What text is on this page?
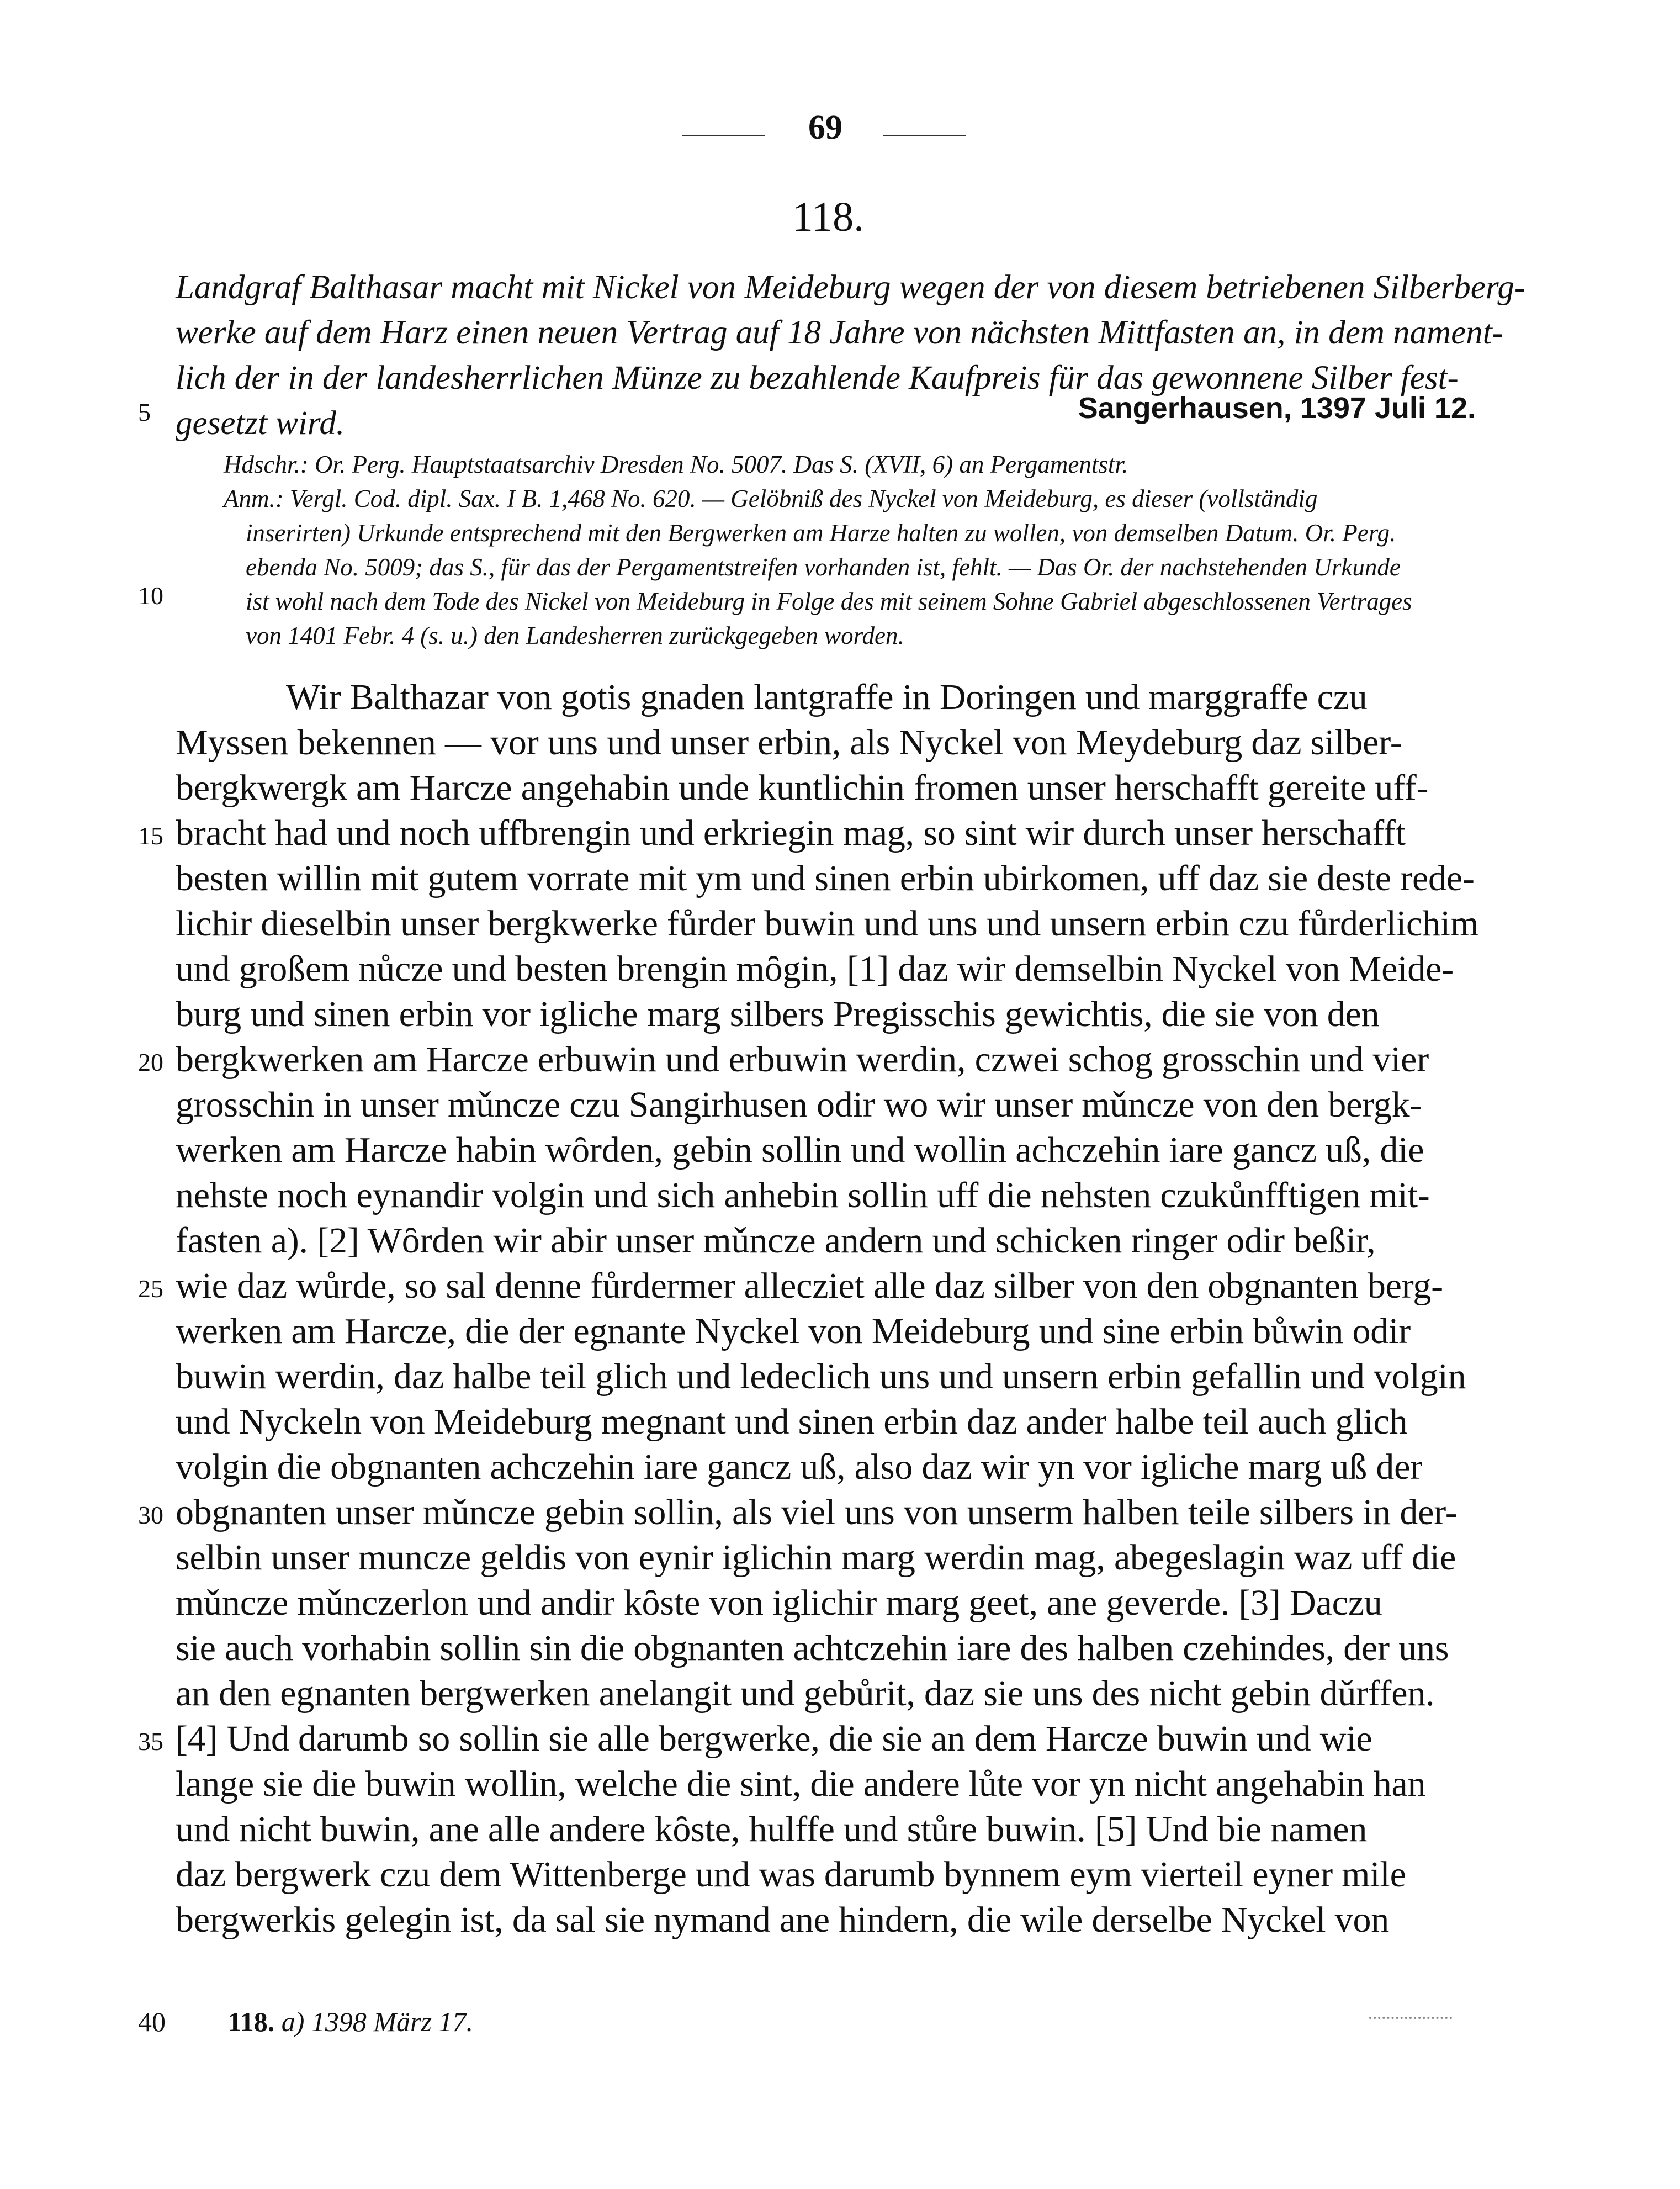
69
118.
Landgraf Balthasar macht mit Nickel von Meideburg wegen der von diesem betriebenen Silberberg-
werke auf dem Harz einen neuen Vertrag auf 18 Jahre von nächsten Mittfasten an, in dem nament-
lich der in der landesherrlichen Münze zu bezahlende Kaufpreis für das gewonnene Silber fest-
gesetzt wird.	Sangerhausen, 1397 Juli 12.
Hdschr.: Or. Perg. Hauptstaatsarchiv Dresden No. 5007. Das S. (XVII, 6) an Pergamentstr.
Anm.: Vergl. Cod. dipl. Sax. I B. 1,468 No. 620. — Gelöbniß des Nyckel von Meideburg, es dieser (vollständig
inserirten) Urkunde entsprechend mit den Bergwerken am Harze halten zu wollen, von demselben Datum. Or. Perg.
ebenda No. 5009; das S., für das der Pergamentstreifen vorhanden ist, fehlt. — Das Or. der nachstehenden Urkunde
ist wohl nach dem Tode des Nickel von Meideburg in Folge des mit seinem Sohne Gabriel abgeschlossenen Vertrages
von 1401 Febr. 4 (s. u.) den Landesherren zurückgegeben worden.
Wir Balthazar von gotis gnaden lantgraffe in Doringen und marggraffe czu
Myssen bekennen — vor uns und unser erbin, als Nyckel von Meydeburg daz silber-
bergkwergk am Harcze angehabin unde kuntlichin fromen unser herschafft gereite uff-
bracht had und noch uffbrengin und erkriegin mag, so sint wir durch unser herschafft
besten willin mit gutem vorrate mit ym und sinen erbin ubirkomen, uff daz sie deste rede-
lichir dieselbin unser bergkwerke fůrder buwin und uns und unsern erbin czu fůrderlichim
und großem nůcze und besten brengin mȏgin, [1] daz wir demselbin Nyckel von Meide-
burg und sinen erbin vor igliche marg silbers Pregisschis gewichtis, die sie von den
bergkwerken am Harcze erbuwin und erbuwin werdin, czwei schog grosschin und vier
grosschin in unser mǔncze czu Sangirhusen odir wo wir unser mǔncze von den bergk-
werken am Harcze habin wȏrden, gebin sollin und wollin achczehin iare gancz uß, die
nehste noch eynandir volgin und sich anhebin sollin uff die nehsten czukůnfftigen mit-
fasten a). [2] Wȏrden wir abir unser mǔncze andern und schicken ringer odir beßir,
wie daz wůrde, so sal denne fůrdermer allecziet alle daz silber von den obgnanten berg-
werken am Harcze, die der egnante Nyckel von Meideburg und sine erbin bůwin odir
buwin werdin, daz halbe teil glich und ledeclich uns und unsern erbin gefallin und volgin
und Nyckeln von Meideburg megnant und sinen erbin daz ander halbe teil auch glich
volgin die obgnanten achczehin iare gancz uß, also daz wir yn vor igliche marg uß der
obgnanten unser mǔncze gebin sollin, als viel uns von unserm halben teile silbers in der-
selbin unser muncze geldis von eynir iglichin marg werdin mag, abegeslagin waz uff die
mǔncze mǔnczerlon und andir kȏste von iglichir marg geet, ane geverde. [3] Daczu
sie auch vorhabin sollin sin die obgnanten achtczehin iare des halben czehindes, der uns
an den egnanten bergwerken anelangit und gebůrit, daz sie uns des nicht gebin dǔrffen.
[4] Und darumb so sollin sie alle bergwerke, die sie an dem Harcze buwin und wie
lange sie die buwin wollin, welche die sint, die andere lůte vor yn nicht angehabin han
und nicht buwin, ane alle andere kȏste, hulffe und stůre buwin. [5] Und bie namen
daz bergwerk czu dem Wittenberge und was darumb bynnem eym vierteil eyner mile
bergwerkis gelegin ist, da sal sie nymand ane hindern, die wile derselbe Nyckel von
5
10
15
20
25
30
35
40 118. a) 1398 März 17.
